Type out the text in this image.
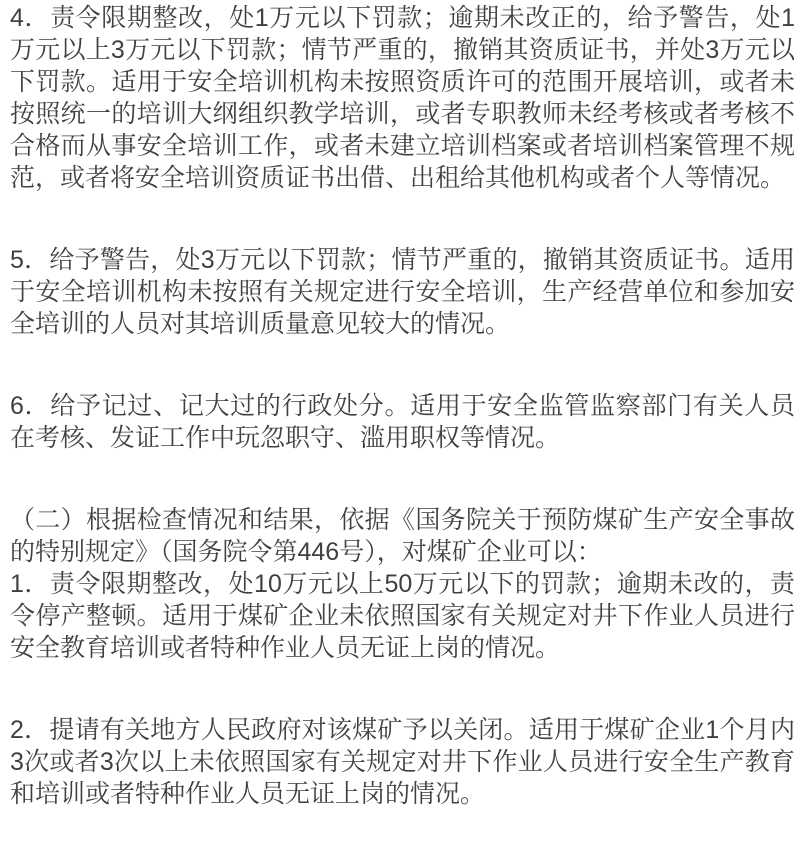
4．责令限期整改，处1万元以下罚款；逾期未改正的，给予警告，处1万元以上3万元以下罚款；情节严重的，撤销其资质证书，并处3万元以下罚款。适用于安全培训机构未按照资质许可的范围开展培训，或者未按照统一的培训大纲组织教学培训，或者专职教师未经考核或者考核不合格而从事安全培训工作，或者未建立培训档案或者培训档案管理不规范，或者将安全培训资质证书出借、出租给其他机构或者个人等情况。

5．给予警告，处3万元以下罚款；情节严重的，撤销其资质证书。适用于安全培训机构未按照有关规定进行安全培训，生产经营单位和参加安全培训的人员对其培训质量意见较大的情况。

6．给予记过、记大过的行政处分。适用于安全监管监察部门有关人员在考核、发证工作中玩忽职守、滥用职权等情况。

（二）根据检查情况和结果，依据《国务院关于预防煤矿生产安全事故的特别规定》（国务院令第446号），对煤矿企业可以：

1．责令限期整改，处10万元以上50万元以下的罚款；逾期未改的，责令停产整顿。适用于煤矿企业未依照国家有关规定对井下作业人员进行安全教育培训或者特种作业人员无证上岗的情况。

2．提请有关地方人民政府对该煤矿予以关闭。适用于煤矿企业1个月内3次或者3次以上未依照国家有关规定对井下作业人员进行安全生产教育和培训或者特种作业人员无证上岗的情况。
